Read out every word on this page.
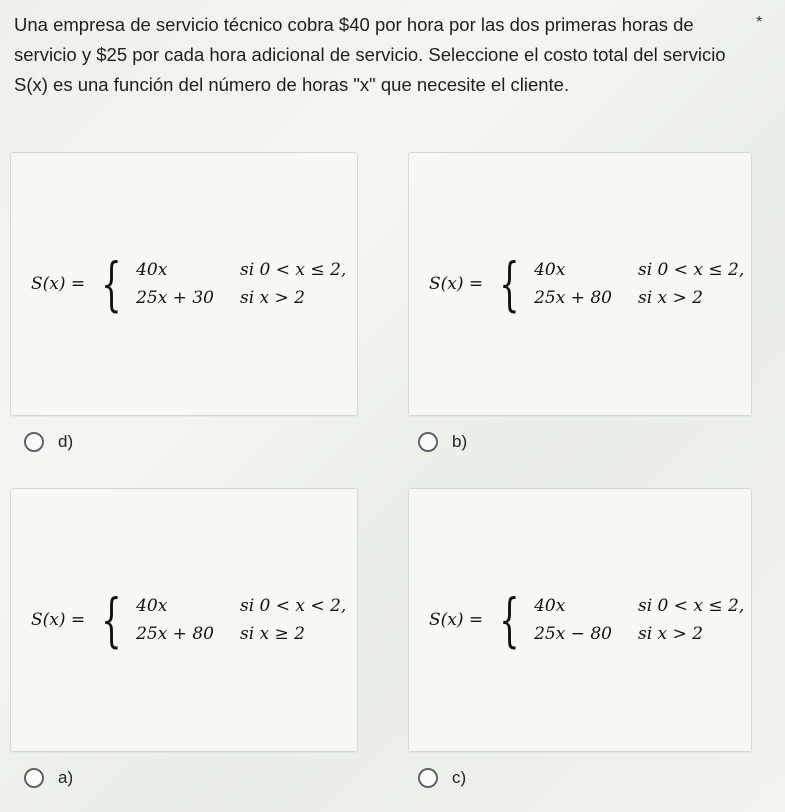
Una empresa de servicio técnico cobra $40 por hora por las dos primeras horas de servicio y $25 por cada hora adicional de servicio. Seleccione el costo total del servicio S(x) es una función del número de horas "x" que necesite el cliente.
*
S(x) = { 40x	si 0 < x ≤ 2,
25x + 30 si x > 2
d)
S(x) = { 40x	si 0 < x ≤ 2,
25x + 80 si x > 2
b)
S(x) = { 40x	si 0 < x < 2,
25x + 80 si x ≥ 2
a)
S(x) = { 40x	si 0 < x ≤ 2,
25x − 80 si x > 2
c)
